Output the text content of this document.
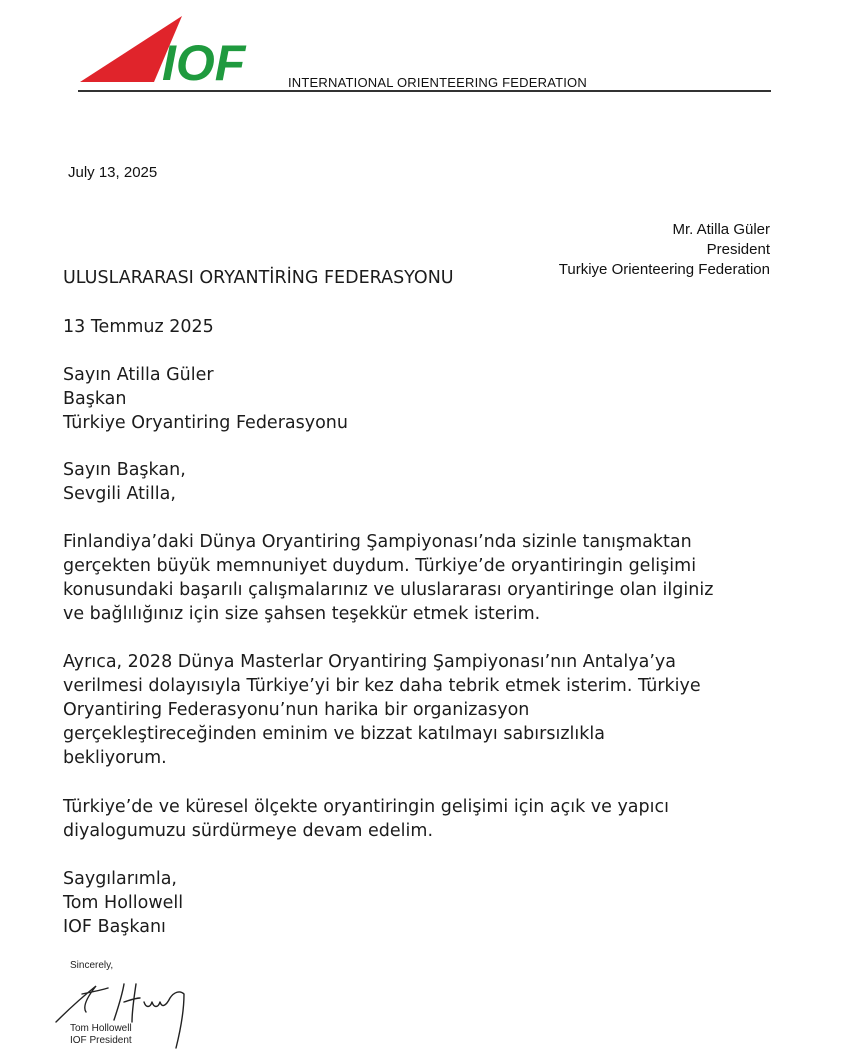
IOF	INTERNATIONAL ORIENTEERING FEDERATION
July 13, 2025
Mr. Atilla Güler
President
Turkiye Orienteering Federation
ULUSLARARASI ORYANTİRİNG FEDERASYONU
13 Temmuz 2025
Sayın Atilla Güler
Başkan
Türkiye Oryantiring Federasyonu
Sayın Başkan,
Sevgili Atilla,
Finlandiya’daki Dünya Oryantiring Şampiyonası’nda sizinle tanışmaktan
gerçekten büyük memnuniyet duydum. Türkiye’de oryantiringin gelişimi
konusundaki başarılı çalışmalarınız ve uluslararası oryantiringe olan ilginiz
ve bağlılığınız için size şahsen teşekkür etmek isterim.
Ayrıca, 2028 Dünya Masterlar Oryantiring Şampiyonası’nın Antalya’ya
verilmesi dolayısıyla Türkiye’yi bir kez daha tebrik etmek isterim. Türkiye
Oryantiring Federasyonu’nun harika bir organizasyon
gerçekleştireceğinden eminim ve bizzat katılmayı sabırsızlıkla
bekliyorum.
Türkiye’de ve küresel ölçekte oryantiringin gelişimi için açık ve yapıcı
diyalogumuzu sürdürmeye devam edelim.
Saygılarımla,
Tom Hollowell
IOF Başkanı
Sincerely,
Tom Hollowell
IOF President
